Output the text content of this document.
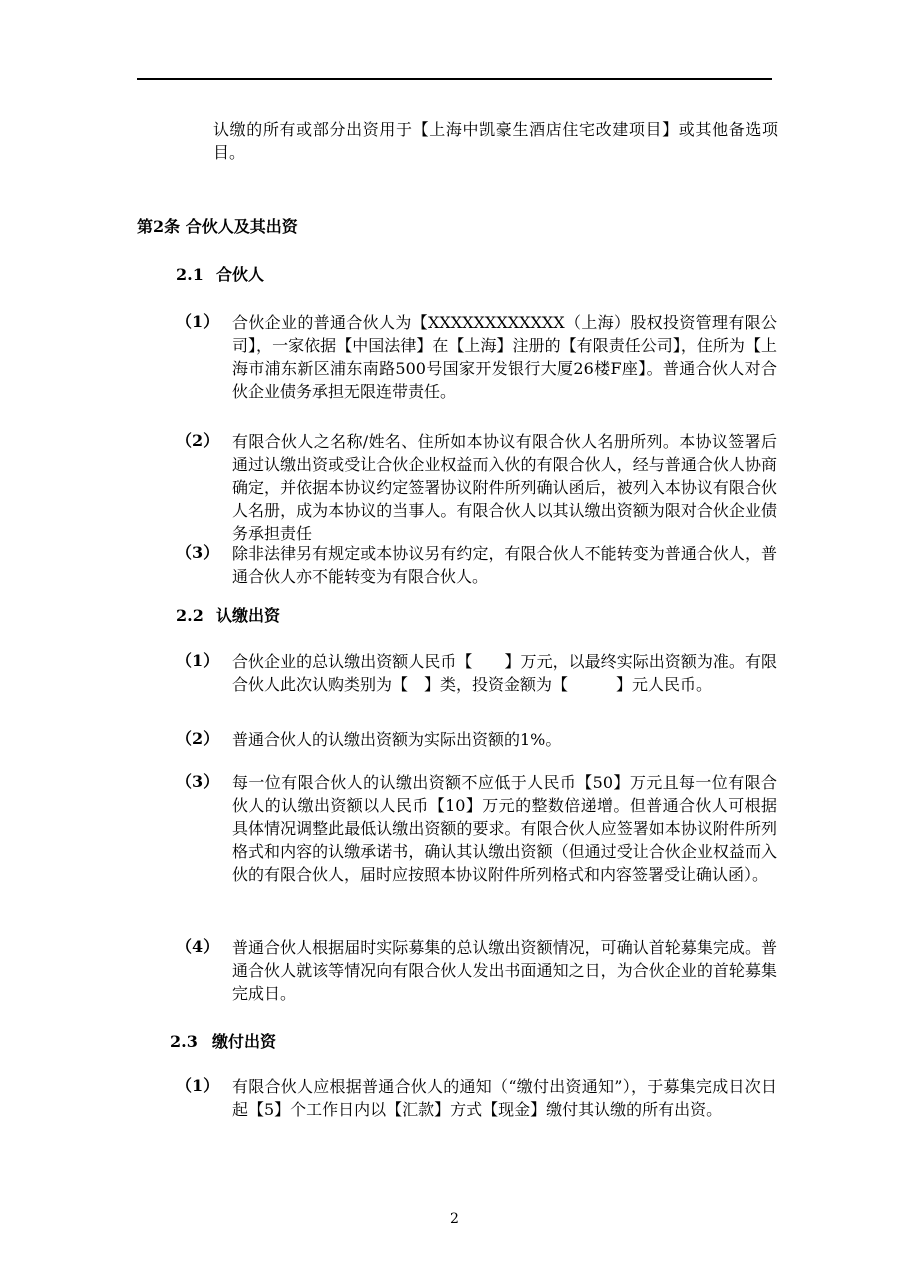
认缴的所有或部分出资用于【上海中凯豪生酒店住宅改建项目】或其他备选项目。
第2条 合伙人及其出资
2.1 合伙人
（1） 合伙企业的普通合伙人为【XXXXXXXXXXXX（上海）股权投资管理有限公司】，一家依据【中国法律】在【上海】注册的【有限责任公司】，住所为【上海市浦东新区浦东南路500号国家开发银行大厦26楼F座】。普通合伙人对合伙企业债务承担无限连带责任。
（2） 有限合伙人之名称/姓名、住所如本协议有限合伙人名册所列。本协议签署后通过认缴出资或受让合伙企业权益而入伙的有限合伙人，经与普通合伙人协商确定，并依据本协议约定签署协议附件所列确认函后，被列入本协议有限合伙人名册，成为本协议的当事人。有限合伙人以其认缴出资额为限对合伙企业债务承担责任
（3） 除非法律另有规定或本协议另有约定，有限合伙人不能转变为普通合伙人，普通合伙人亦不能转变为有限合伙人。
2.2 认缴出资
（1） 合伙企业的总认缴出资额人民币【　　】万元，以最终实际出资额为准。有限合伙人此次认购类别为【　】类，投资金额为【　　　】元人民币。
（2） 普通合伙人的认缴出资额为实际出资额的1%。
（3） 每一位有限合伙人的认缴出资额不应低于人民币【50】万元且每一位有限合伙人的认缴出资额以人民币【10】万元的整数倍递增。但普通合伙人可根据具体情况调整此最低认缴出资额的要求。有限合伙人应签署如本协议附件所列格式和内容的认缴承诺书，确认其认缴出资额（但通过受让合伙企业权益而入伙的有限合伙人，届时应按照本协议附件所列格式和内容签署受让确认函）。
（4） 普通合伙人根据届时实际募集的总认缴出资额情况，可确认首轮募集完成。普通合伙人就该等情况向有限合伙人发出书面通知之日，为合伙企业的首轮募集完成日。
2.3 缴付出资
（1） 有限合伙人应根据普通合伙人的通知（“缴付出资通知”），于募集完成日次日起【5】个工作日内以【汇款】方式【现金】缴付其认缴的所有出资。
2
